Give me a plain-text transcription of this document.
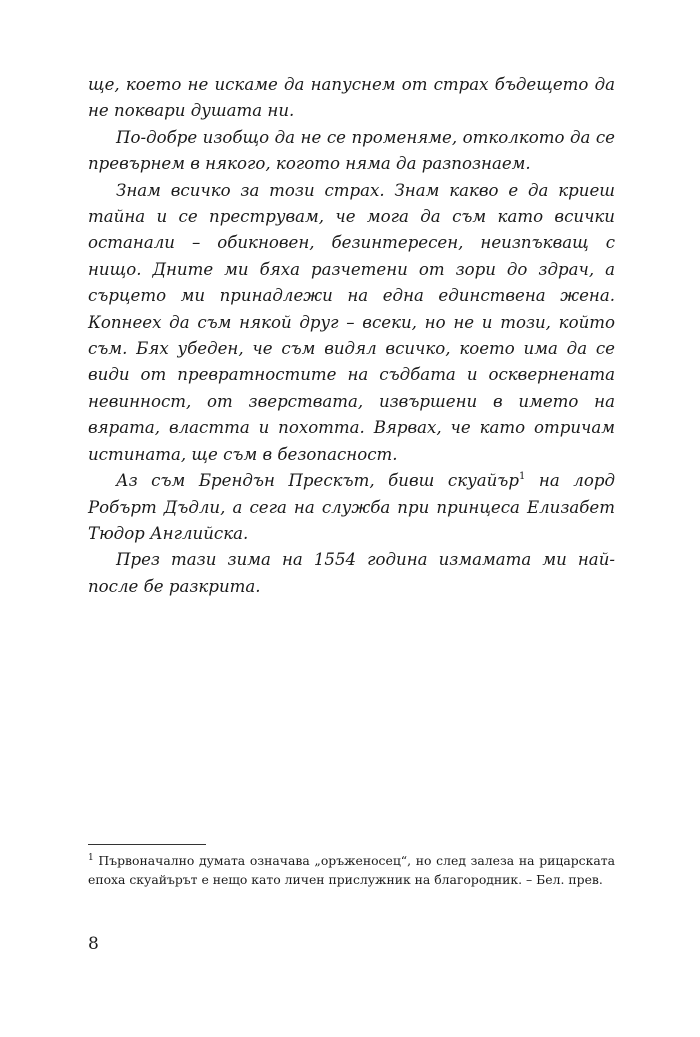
ще, което не искаме да напуснем от страх бъдещето да не поквари душата ни.

По-добре изобщо да не се променяме, отколкото да се превърнем в някого, когото няма да разпознаем.

Знам всичко за този страх. Знам какво е да криеш тайна и се преструвам, че мога да съм като всички останали – обикновен, безинтересен, неизпъкващ с нищо. Дните ми бяха разчетени от зори до здрач, а сърцето ми принадлежи на една единствена жена. Копнеех да съм някой друг – всеки, но не и този, който съм. Бях убеден, че съм видял всичко, което има да се види от превратностите на съдбата и осквернената невинност, от зверствата, извършени в името на вярата, властта и похотта. Вярвах, че като отричам истината, ще съм в безопасност.

Аз съм Брендън Прескът, бивш скуайър$^1$ на лорд Робърт Дъдли, а сега на служба при принцеса Елизабет Тюдор Английска.

През тази зима на 1554 година измамата ми най-после бе разкрита.

$^1$ Първоначално думата означава „оръженосец“, но след залеза на рицарската епоха скуайърът е нещо като личен прислужник на благородник. – Бел. прев.

8
